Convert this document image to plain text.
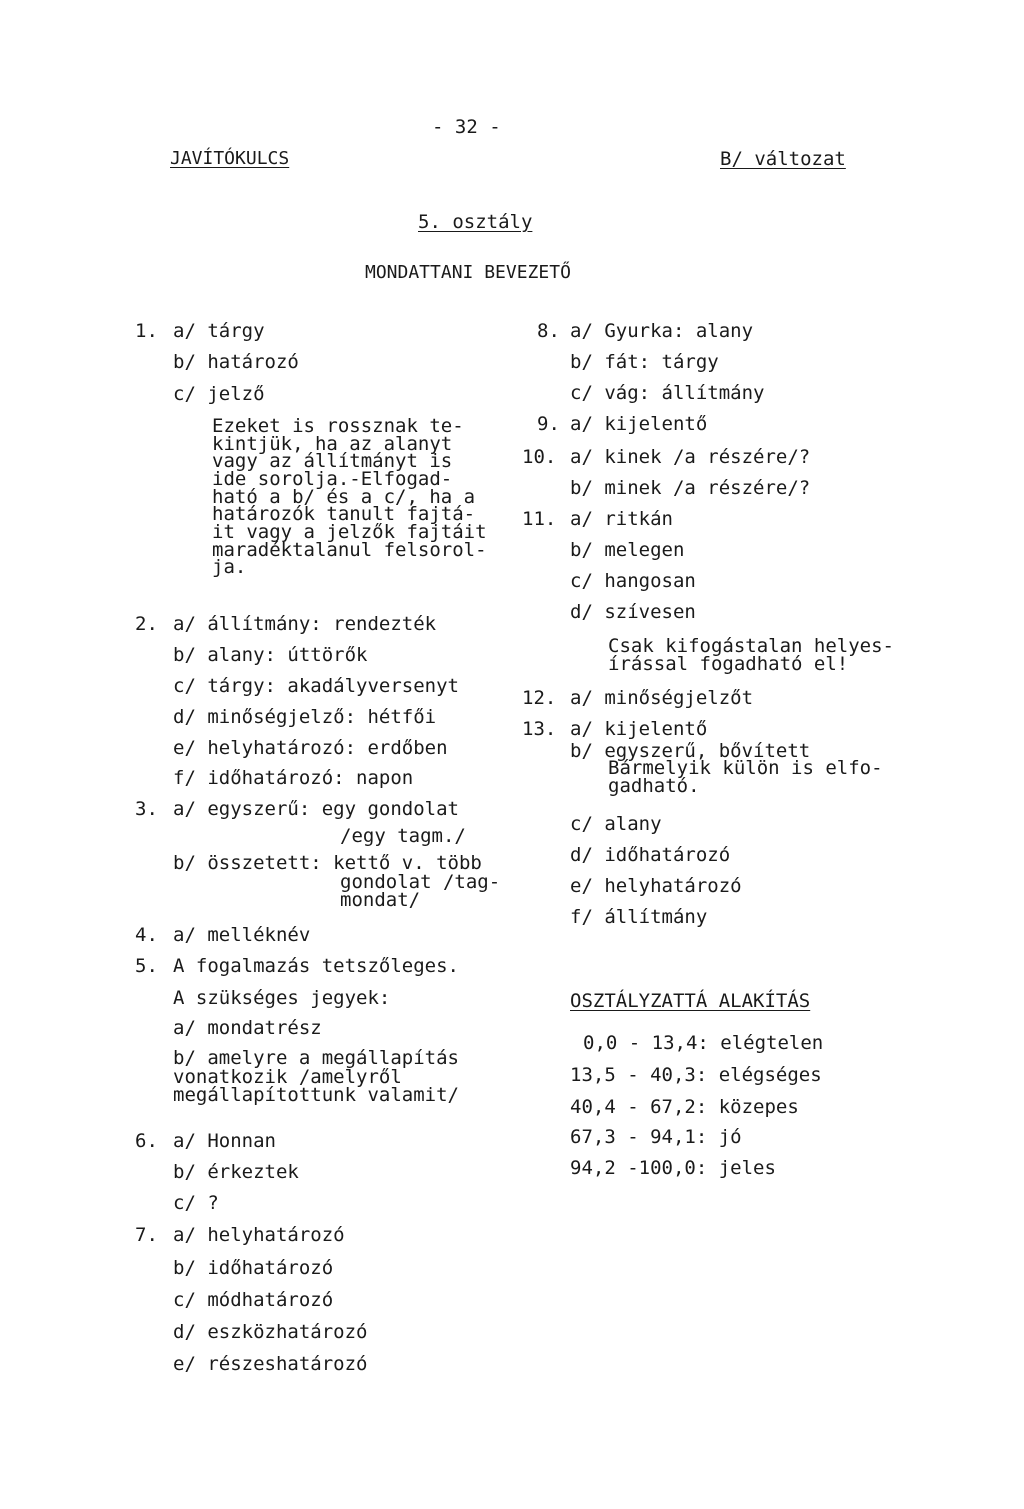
- 32 -
JAVÍTÓKULCS	B/ változat
5. osztály
MONDATTANI BEVEZETŐ
1. a/ tárgy
b/ határozó
c/ jelző
Ezeket is rossznak te-
kintjük, ha az alanyt
vagy az állítmányt is
ide sorolja.-Elfogad-
ható a b/ és a c/, ha a
határozók tanult fajtá-
it vagy a jelzők fajtáit
maradéktalanul felsorol-
ja.
2. a/ állítmány: rendezték
b/ alany: úttörők
c/ tárgy: akadályversenyt
d/ minőségjelző: hétfői
e/ helyhatározó: erdőben
f/ időhatározó: napon
3. a/ egyszerű: egy gondolat
/egy tagm./
b/ összetett: kettő v. több
gondolat /tag-
mondat/
4. a/ melléknév
5. A fogalmazás tetszőleges.
A szükséges jegyek:
a/ mondatrész
b/ amelyre a megállapítás
vonatkozik /amelyről
megállapítottunk valamit/
6. a/ Honnan
b/ érkeztek
c/ ?
7. a/ helyhatározó
b/ időhatározó
c/ módhatározó
d/ eszközhatározó
e/ részeshatározó
8. a/ Gyurka: alany
b/ fát: tárgy
c/ vág: állítmány
9. a/ kijelentő
10. a/ kinek /a részére/?
b/ minek /a részére/?
11. a/ ritkán
b/ melegen
c/ hangosan
d/ szívesen
Csak kifogástalan helyes-
írással fogadható el!
12. a/ minőségjelzőt
13. a/ kijelentő
b/ egyszerű, bővített
Bármelyik külön is elfo-
gadható.
c/ alany
d/ időhatározó
e/ helyhatározó
f/ állítmány
OSZTÁLYZATTÁ ALAKÍTÁS
0,0 - 13,4: elégtelen
13,5 - 40,3: elégséges
40,4 - 67,2: közepes
67,3 - 94,1: jó
94,2 -100,0: jeles
